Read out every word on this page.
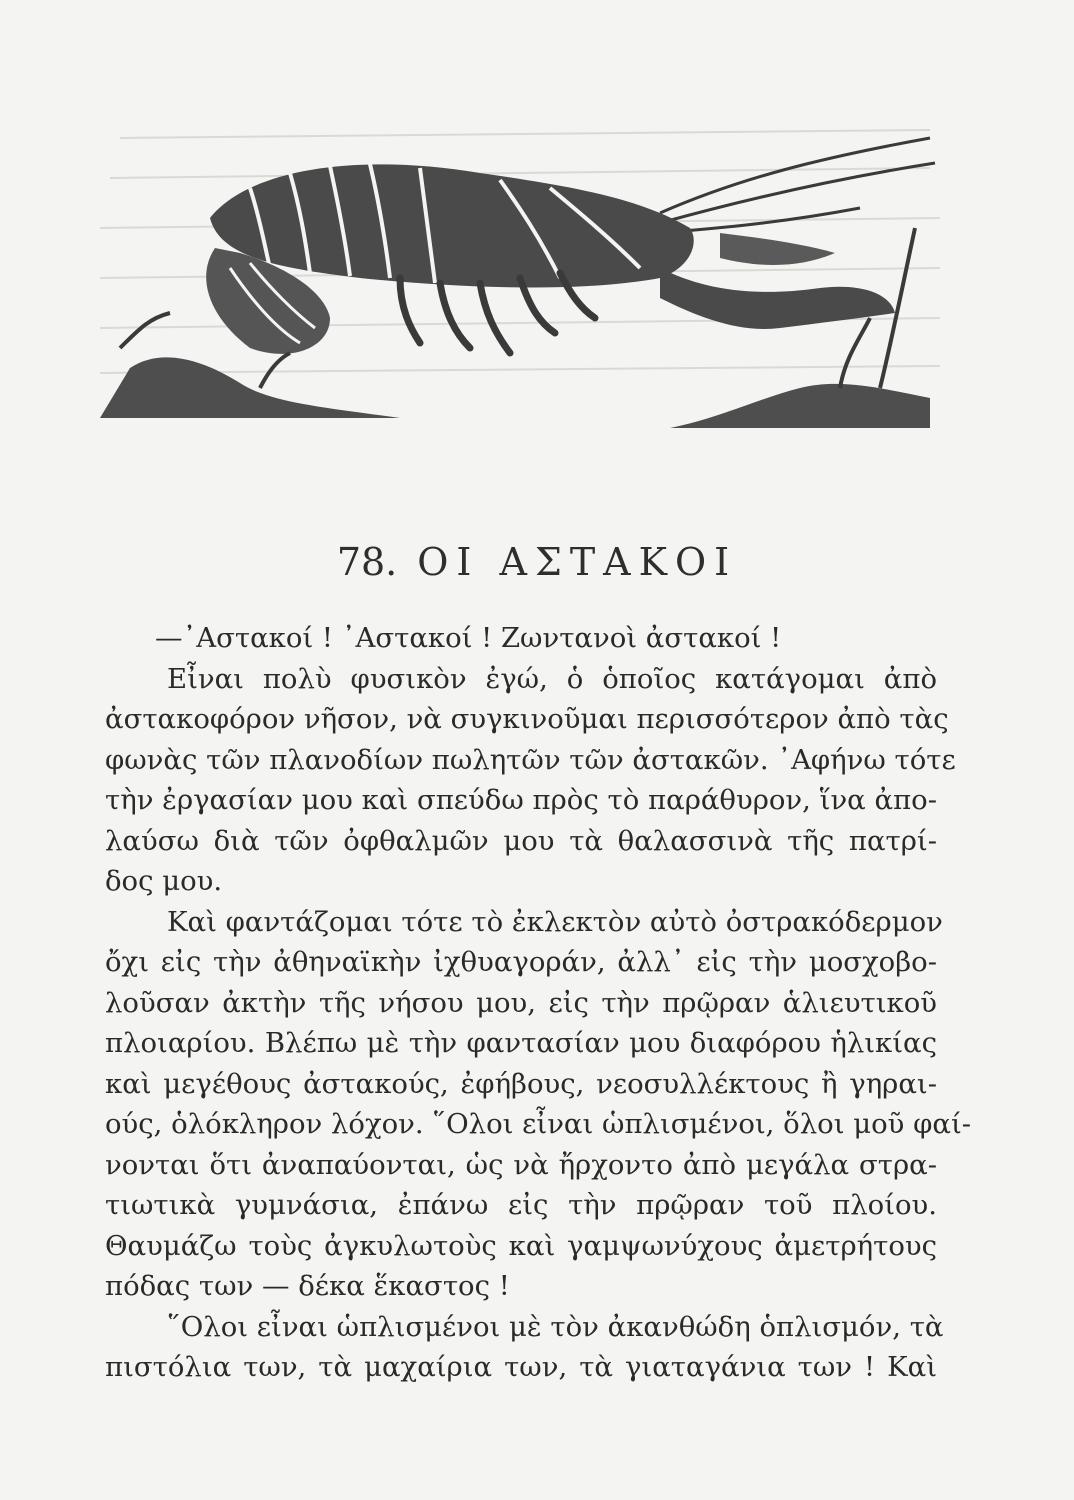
78. ΟΙ ΑΣΤΑΚΟΙ
—᾿Αστακοί ! ᾿Αστακοί ! Ζωντανοὶ ἀστακοί !
Εἶναι πολὺ φυσικὸν ἐγώ, ὁ ὁποῖος κατάγομαι ἀπὸ
ἀστακοφόρον νῆσον, νὰ συγκινοῦμαι περισσότερον ἀπὸ τὰς
φωνὰς τῶν πλανοδίων πωλητῶν τῶν ἀστακῶν. ᾿Αφήνω τότε
τὴν ἐργασίαν μου καὶ σπεύδω πρὸς τὸ παράθυρον, ἵνα ἀπο-
λαύσω διὰ τῶν ὀφθαλμῶν μου τὰ θαλασσινὰ τῆς πατρί-
δος μου.
Καὶ φαντάζομαι τότε τὸ ἐκλεκτὸν αὐτὸ ὀστρακόδερμον
ὄχι εἰς τὴν ἀθηναϊκὴν ἰχθυαγοράν, ἀλλ᾿ εἰς τὴν μοσχοβο-
λοῦσαν ἀκτὴν τῆς νήσου μου, εἰς τὴν πρῷραν ἁλιευτικοῦ
πλοιαρίου. Βλέπω μὲ τὴν φαντασίαν μου διαφόρου ἡλικίας
καὶ μεγέθους ἀστακούς, ἐφήβους, νεοσυλλέκτους ἢ γηραι-
ούς, ὁλόκληρον λόχον. ῞Ολοι εἶναι ὡπλισμένοι, ὅλοι μοῦ φαί-
νονται ὅτι ἀναπαύονται, ὡς νὰ ἤρχοντο ἀπὸ μεγάλα στρα-
τιωτικὰ γυμνάσια, ἐπάνω εἰς τὴν πρῷραν τοῦ πλοίου.
Θαυμάζω τοὺς ἀγκυλωτοὺς καὶ γαμψωνύχους ἀμετρήτους
πόδας των — δέκα ἕκαστος !
῞Ολοι εἶναι ὡπλισμένοι μὲ τὸν ἀκανθώδη ὁπλισμόν, τὰ
πιστόλια των, τὰ μαχαίρια των, τὰ γιαταγάνια των ! Καὶ
